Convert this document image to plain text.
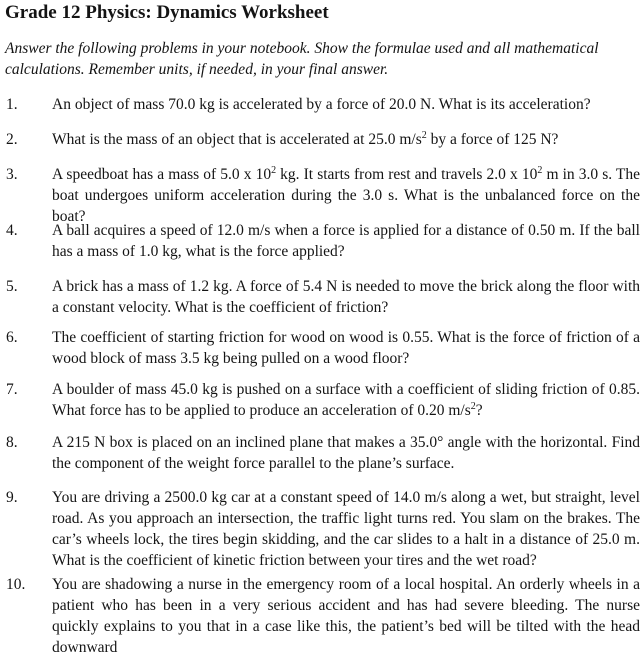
Grade 12 Physics: Dynamics Worksheet

Answer the following problems in your notebook. Show the formulae used and all mathematical calculations. Remember units, if needed, in your final answer.

1. An object of mass 70.0 kg is accelerated by a force of 20.0 N. What is its acceleration?
2. What is the mass of an object that is accelerated at 25.0 $m/s^2$ by a force of 125 N?
3. A speedboat has a mass of 5.0 x $10^2$ kg. It starts from rest and travels 2.0 x $10^2$ m in 3.0 s. The boat undergoes uniform acceleration during the 3.0 s. What is the unbalanced force on the boat?
4. A ball acquires a speed of 12.0 m/s when a force is applied for a distance of 0.50 m. If the ball has a mass of 1.0 kg, what is the force applied?
5. A brick has a mass of 1.2 kg. A force of 5.4 N is needed to move the brick along the floor with a constant velocity. What is the coefficient of friction?
6. The coefficient of starting friction for wood on wood is 0.55. What is the force of friction of a wood block of mass 3.5 kg being pulled on a wood floor?
7. A boulder of mass 45.0 kg is pushed on a surface with a coefficient of sliding friction of 0.85. What force has to be applied to produce an acceleration of 0.20 $m/s^2$?
8. A 215 N box is placed on an inclined plane that makes a 35.0° angle with the horizontal. Find the component of the weight force parallel to the plane’s surface.
9. You are driving a 2500.0 kg car at a constant speed of 14.0 m/s along a wet, but straight, level road. As you approach an intersection, the traffic light turns red. You slam on the brakes. The car’s wheels lock, the tires begin skidding, and the car slides to a halt in a distance of 25.0 m. What is the coefficient of kinetic friction between your tires and the wet road?
10. You are shadowing a nurse in the emergency room of a local hospital. An orderly wheels in a patient who has been in a very serious accident and has had severe bleeding. The nurse quickly explains to you that in a case like this, the patient’s bed will be tilted with the head downward
